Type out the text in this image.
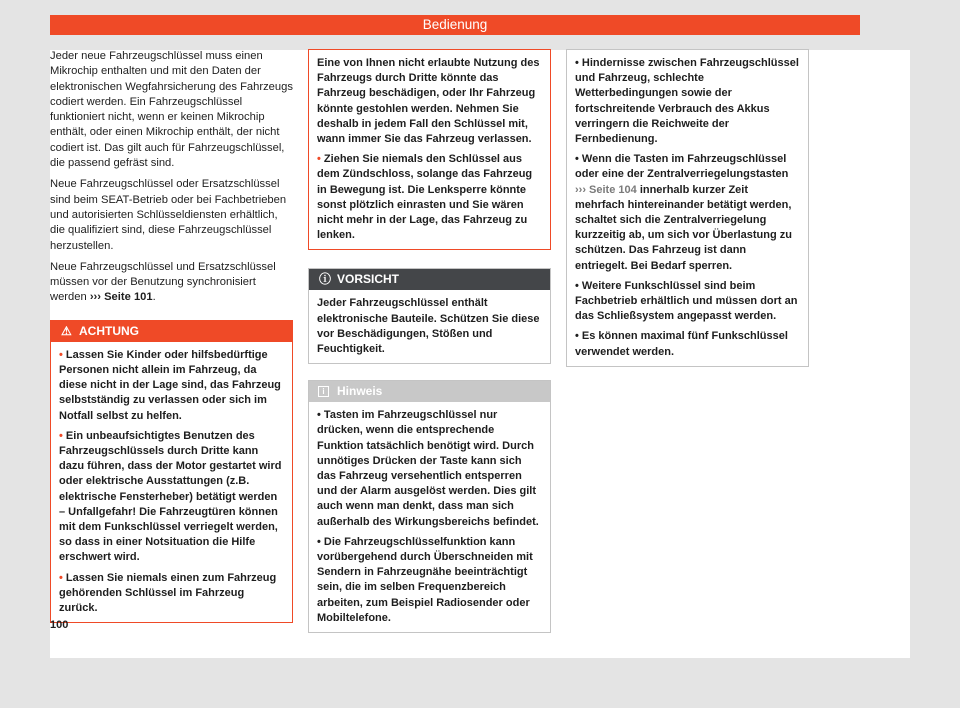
Bedienung

Jeder neue Fahrzeugschlüssel muss einen Mikrochip enthalten und mit den Daten der elektronischen Wegfahrsicherung des Fahrzeugs codiert werden. Ein Fahrzeugschlüssel funktioniert nicht, wenn er keinen Mikrochip enthält, oder einen Mikrochip enthält, der nicht codiert ist. Das gilt auch für Fahrzeugschlüssel, die passend gefräst sind.

Neue Fahrzeugschlüssel oder Ersatzschlüssel sind beim SEAT-Betrieb oder bei Fachbetrieben und autorisierten Schlüsseldiensten erhältlich, die qualifiziert sind, diese Fahrzeugschlüssel herzustellen.

Neue Fahrzeugschlüssel und Ersatzschlüssel müssen vor der Benutzung synchronisiert werden ››› Seite 101.

⚠ ACHTUNG

• Lassen Sie Kinder oder hilfsbedürftige Personen nicht allein im Fahrzeug, da diese nicht in der Lage sind, das Fahrzeug selbstständig zu verlassen oder sich im Notfall selbst zu helfen.

• Ein unbeaufsichtigtes Benutzen des Fahrzeugschlüssels durch Dritte kann dazu führen, dass der Motor gestartet wird oder elektrische Ausstattungen (z.B. elektrische Fensterheber) betätigt werden – Unfallgefahr! Die Fahrzeugtüren können mit dem Funkschlüssel verriegelt werden, so dass in einer Notsituation die Hilfe erschwert wird.

• Lassen Sie niemals einen zum Fahrzeug gehörenden Schlüssel im Fahrzeug zurück.

Eine von Ihnen nicht erlaubte Nutzung des Fahrzeugs durch Dritte könnte das Fahrzeug beschädigen, oder Ihr Fahrzeug könnte gestohlen werden. Nehmen Sie deshalb in jedem Fall den Schlüssel mit, wann immer Sie das Fahrzeug verlassen.

• Ziehen Sie niemals den Schlüssel aus dem Zündschloss, solange das Fahrzeug in Bewegung ist. Die Lenksperre könnte sonst plötzlich einrasten und Sie wären nicht mehr in der Lage, das Fahrzeug zu lenken.

ⓘ VORSICHT

Jeder Fahrzeugschlüssel enthält elektronische Bauteile. Schützen Sie diese vor Beschädigungen, Stößen und Feuchtigkeit.

i	Hinweis

• Tasten im Fahrzeugschlüssel nur drücken, wenn die entsprechende Funktion tatsächlich benötigt wird. Durch unnötiges Drücken der Taste kann sich das Fahrzeug versehentlich entsperren und der Alarm ausgelöst werden. Dies gilt auch wenn man denkt, dass man sich außerhalb des Wirkungsbereichs befindet.

• Die Fahrzeugschlüsselfunktion kann vorübergehend durch Überschneiden mit Sendern in Fahrzeugnähe beeinträchtigt sein, die im selben Frequenzbereich arbeiten, zum Beispiel Radiosender oder Mobiltelefone.

• Hindernisse zwischen Fahrzeugschlüssel und Fahrzeug, schlechte Wetterbedingungen sowie der fortschreitende Verbrauch des Akkus verringern die Reichweite der Fernbedienung.

• Wenn die Tasten im Fahrzeugschlüssel oder eine der Zentralverriegelungstasten ››› Seite 104 innerhalb kurzer Zeit mehrfach hintereinander betätigt werden, schaltet sich die Zentralverriegelung kurzzeitig ab, um sich vor Überlastung zu schützen. Das Fahrzeug ist dann entriegelt. Bei Bedarf sperren.

• Weitere Funkschlüssel sind beim Fachbetrieb erhältlich und müssen dort an das Schließsystem angepasst werden.

• Es können maximal fünf Funkschlüssel verwendet werden.

100
